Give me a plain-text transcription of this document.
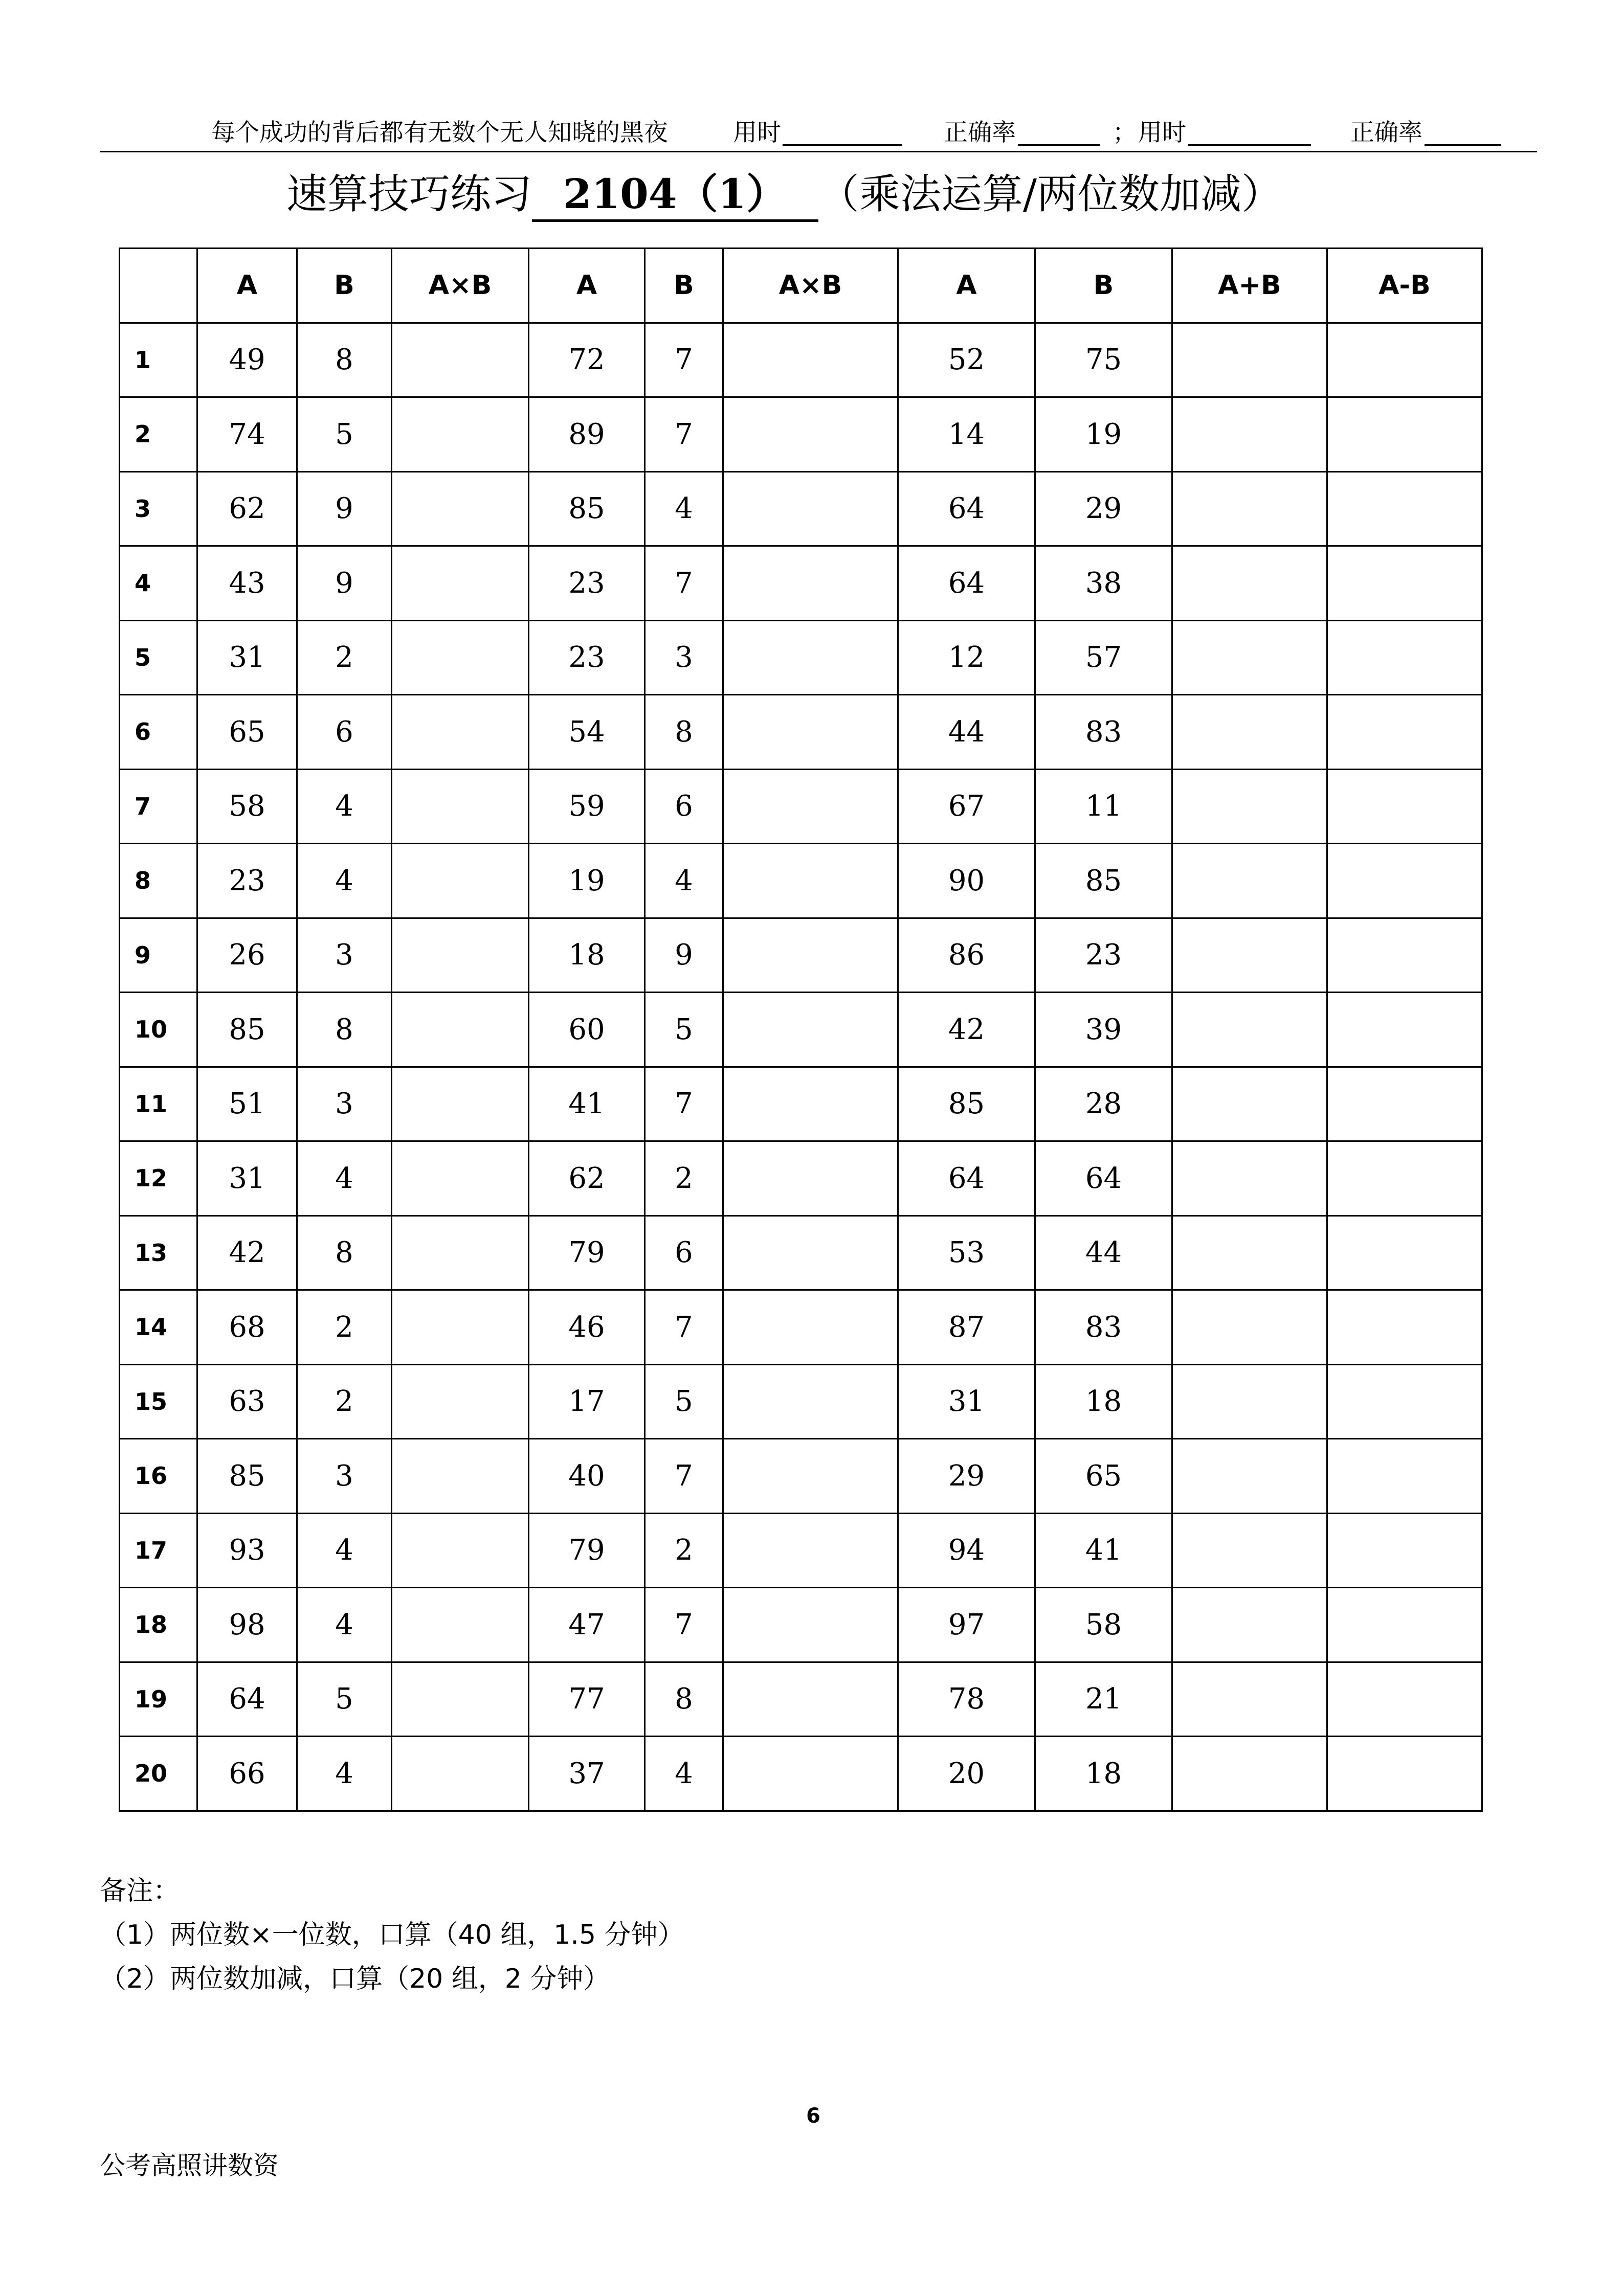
每个成功的背后都有无数个无人知晓的黑夜	用时	正确率	； 用时	正确率
速算技巧练习 2104（1） （乘法运算/两位数加减）
	A	B	A×B	A	B	A×B	A	B	A+B	A-B
1	49	8		72	7		52	75		
2	74	5		89	7		14	19		
3	62	9		85	4		64	29		
4	43	9		23	7		64	38		
5	31	2		23	3		12	57		
6	65	6		54	8		44	83		
7	58	4		59	6		67	11		
8	23	4		19	4		90	85		
9	26	3		18	9		86	23		
10	85	8		60	5		42	39		
11	51	3		41	7		85	28		
12	31	4		62	2		64	64		
13	42	8		79	6		53	44		
14	68	2		46	7		87	83		
15	63	2		17	5		31	18		
16	85	3		40	7		29	65		
17	93	4		79	2		94	41		
18	98	4		47	7		97	58		
19	64	5		77	8		78	21		
20	66	4		37	4		20	18		
备注：
（1）两位数×一位数，口算（40 组，1.5 分钟）
（2）两位数加减，口算（20 组，2 分钟）
6
公考高照讲数资
